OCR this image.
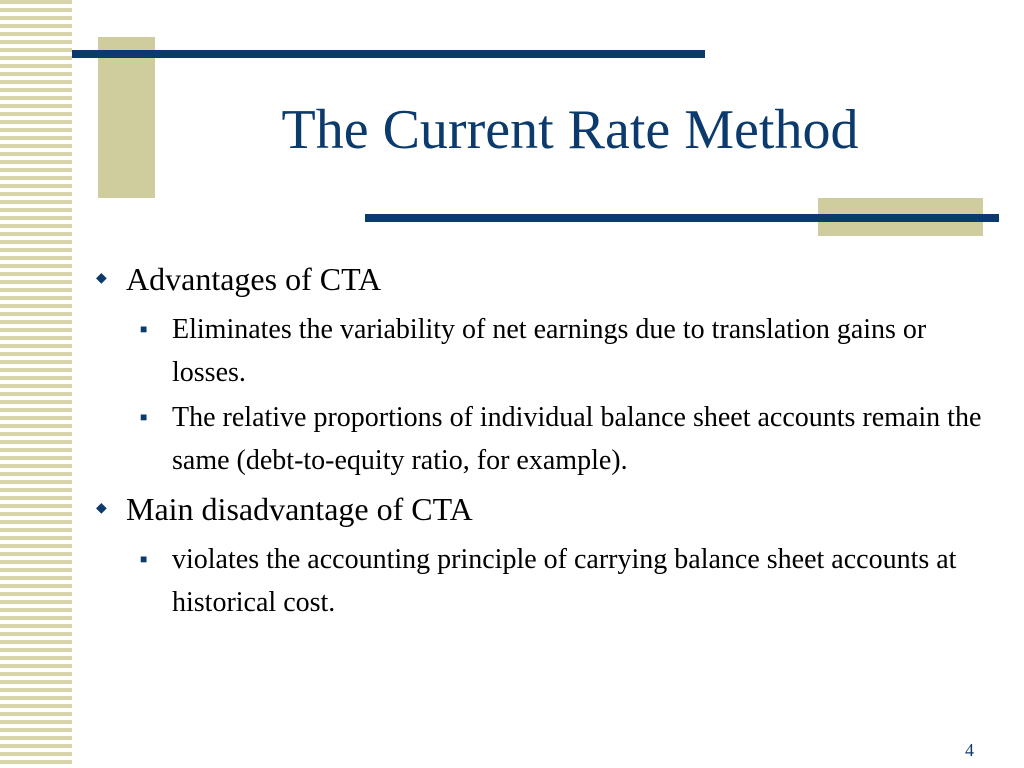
The Current Rate Method
◆ Advantages of CTA
■ Eliminates the variability of net earnings due to translation gains or losses.
■ The relative proportions of individual balance sheet accounts remain the same (debt-to-equity ratio, for example).
◆ Main disadvantage of CTA
■ violates the accounting principle of carrying balance sheet accounts at historical cost.
4
